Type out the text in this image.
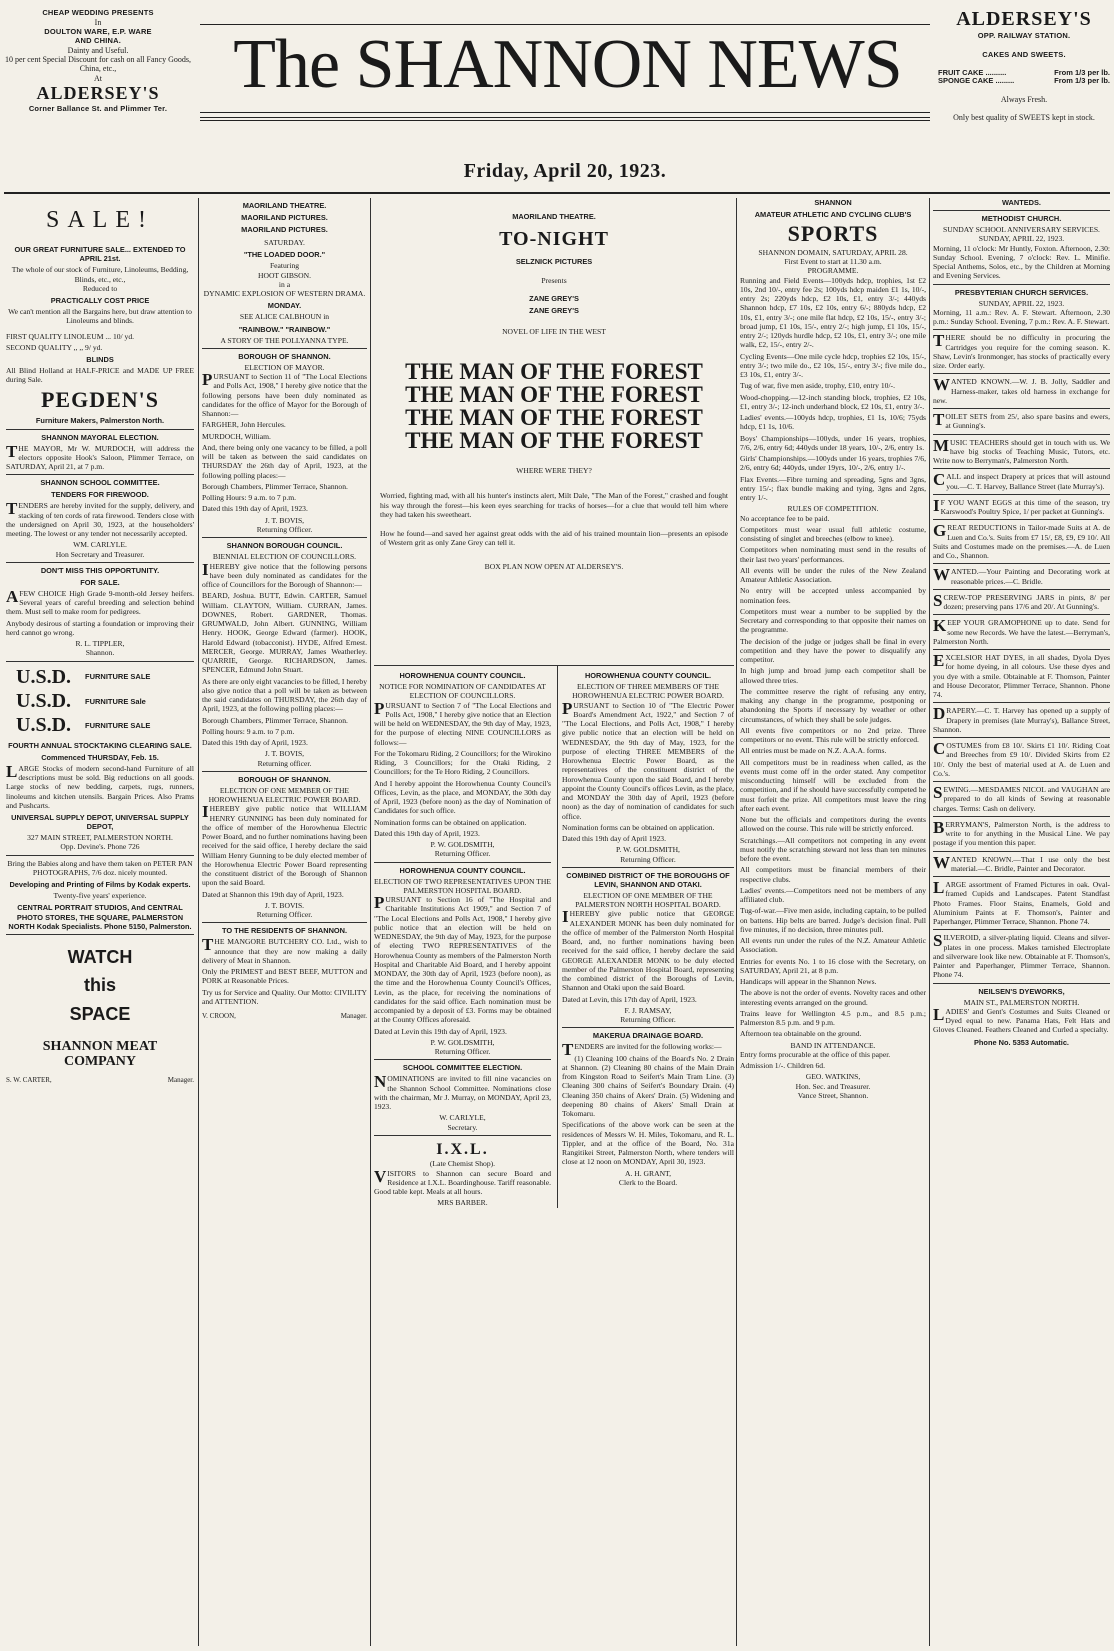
CHEAP WEDDING PRESENTS
In
DOULTON WARE, E.P. WARE
AND CHINA.
Dainty and Useful.
10 per cent Special Discount for cash on all Fancy Goods, China, etc.,
At
ALDERSEY'S
Corner Ballance St. and Plimmer Ter.
The SHANNON NEWS
Friday, April 20, 1923.
ALDERSEY'S
OPP. RAILWAY STATION.

CAKES AND SWEETS.

FRUIT CAKE ..........	From 1/3 per lb.
SPONGE CAKE .........	From 1/3 per lb.

Always Fresh.

Only best quality of SWEETS kept in stock.
SALE!
OUR GREAT FURNITURE SALE... EXTENDED TO APRIL 21st.
The whole of our stock of Furniture, Linoleums, Bedding, Blinds, etc., etc.,
Reduced to
PRACTICALLY COST PRICE
We can't mention all the Bargains here, but draw attention to Linoleums and blinds.
FIRST QUALITY LINOLEUM ... 10/ yd.
SECOND QUALITY ,, ,, 9/ yd.
BLINDS
All Blind Holland at HALF-PRICE and MADE UP FREE during Sale.
PEGDEN'S
Furniture Makers, Palmerston North.
SHANNON MAYORAL ELECTION.
THE MAYOR, Mr W. MURDOCH, will address the electors opposite Hook's Saloon, Plimmer Terrace, on SATURDAY, April 21, at 7 p.m.
SHANNON SCHOOL COMMITTEE.
TENDERS FOR FIREWOOD.
TENDERS are hereby invited for the supply, delivery, and stacking of ten cords of rata firewood. Tenders close with the undersigned on April 30, 1923, at the householders' meeting. The lowest or any tender not necessarily accepted.
WM. CARLYLE.
Hon Secretary and Treasurer.
DON'T MISS THIS OPPORTUNITY.
FOR SALE.
AFEW CHOICE High Grade 9-month-old Jersey heifers. Several years of careful breeding and selection behind them. Must sell to make room for pedigrees.
Anybody desirous of starting a foundation or improving their herd cannot go wrong.
R. L. TIPPLER,
Shannon.
U.S.D. FURNITURE SALE
U.S.D. FURNITURE Sale
U.S.D. FURNITURE SALE
FOURTH ANNUAL STOCKTAKING CLEARING SALE.
Commenced THURSDAY, Feb. 15.
LARGE Stocks of modern second-hand Furniture of all descriptions must be sold. Big reductions on all goods. Large stocks of new bedding, carpets, rugs, runners, linoleums and kitchen utensils. Bargain Prices. Also Prams and Pushcarts.
UNIVERSAL SUPPLY DEPOT, UNIVERSAL SUPPLY DEPOT,
327 MAIN STREET, PALMERSTON NORTH.
Opp. Devine's. Phone 726
Bring the Babies along and have them taken on PETER PAN PHOTOGRAPHS, 7/6 doz. nicely mounted.
Developing and Printing of Films by Kodak experts.
Twenty-five years' experience.
CENTRAL PORTRAIT STUDIOS, And CENTRAL PHOTO STORES, THE SQUARE, PALMERSTON NORTH Kodak Specialists. Phone 5150, Palmerston.
WATCH
this
SPACE
SHANNON MEAT COMPANY
S. W. CARTER,	Manager.
MAORILAND THEATRE.
MAORILAND PICTURES.
MAORILAND PICTURES.
SATURDAY.
"THE LOADED DOOR."
Featuring
HOOT GIBSON.
in a
DYNAMIC EXPLOSION OF WESTERN DRAMA.
MONDAY.
SEE ALICE CALBHOUN in
"RAINBOW." "RAINBOW."
A STORY OF THE POLLYANNA TYPE.
BOROUGH OF SHANNON.
ELECTION OF MAYOR.
PURSUANT to Section 11 of "The Local Elections and Polls Act, 1908," I hereby give notice that the following persons have been duly nominated as candidates for the office of Mayor for the Borough of Shannon:—
FARGHER, John Hercules.
MURDOCH, William.
And, there being only one vacancy to be filled, a poll will be taken as between the said candidates on THURSDAY the 26th day of April, 1923, at the following polling places:—
Borough Chambers, Plimmer Terrace, Shannon.
Polling Hours: 9 a.m. to 7 p.m.
Dated this 19th day of April, 1923.
J. T. BOVIS,
Returning Officer.
SHANNON BOROUGH COUNCIL.
BIENNIAL ELECTION OF COUNCILLORS.
IHEREBY give notice that the following persons have been duly nominated as candidates for the office of Councillors for the Borough of Shannon:—
BEARD, Joshua. BUTT, Edwin. CARTER, Samuel William. CLAYTON, William. CURRAN, James. DOWNES, Robert. GARDNER, Thomas. GRUMWALD, John Albert. GUNNING, William Henry. HOOK, George Edward (farmer). HOOK, Harold Edward (tobacconist). HYDE, Alfred Ernest. MERCER, George. MURRAY, James Weatherley. QUARRIE, George. RICHARDSON, James. SPENCER, Edmund John Stuart.
As there are only eight vacancies to be filled, I hereby also give notice that a poll will be taken as between the said candidates on THURSDAY, the 26th day of April, 1923, at the following polling places:—
Borough Chambers, Plimmer Terrace, Shannon.
Polling hours: 9 a.m. to 7 p.m.
Dated this 19th day of April, 1923.
J. T. BOVIS,
Returning officer.
BOROUGH OF SHANNON.
ELECTION OF ONE MEMBER OF THE HOROWHENUA ELECTRIC POWER BOARD.
IHEREBY give public notice that WILLIAM HENRY GUNNING has been duly nominated for the office of member of the Horowhenua Electric Power Board, and no further nominations having been received for the said office, I hereby declare the said William Henry Gunning to be duly elected member of the Horowhenua Electric Power Board representing the constituent district of the Borough of Shannon upon the said Board.
Dated at Shannon this 19th day of April, 1923.
J. T. BOVIS.
Returning Officer.
TO THE RESIDENTS OF SHANNON.
THE MANGORE BUTCHERY CO. Ltd., wish to announce that they are now making a daily delivery of Meat in Shannon.
Only the PRIMEST and BEST BEEF, MUTTON and PORK at Reasonable Prices.
Try us for Service and Quality. Our Motto: CIVILITY and ATTENTION.
V. CROON,	Manager.
MAORILAND THEATRE.
TO-NIGHT
SELZNICK PICTURES
Presents
ZANE GREY'S
ZANE GREY'S
NOVEL OF LIFE IN THE WEST
THE MAN OF THE FOREST
THE MAN OF THE FOREST
THE MAN OF THE FOREST
THE MAN OF THE FOREST
WHERE WERE THEY?
Worried, fighting mad, with all his hunter's instincts alert, Milt Dale, "The Man of the Forest," crashed and fought his way through the forest—his keen eyes searching for tracks of horses—for a clue that would tell him where they had taken his sweetheart.
How he found—and saved her against great odds with the aid of his trained mountain lion—presents an episode of Western grit as only Zane Grey can tell it.
BOX PLAN NOW OPEN AT ALDERSEY'S.
HOROWHENUA COUNTY COUNCIL.
NOTICE FOR NOMINATION OF CANDIDATES AT ELECTION OF COUNCILLORS.
PURSUANT to Section 7 of "The Local Elections and Polls Act, 1908," I hereby give notice that an Election will be held on WEDNESDAY, the 9th day of May, 1923, for the purpose of electing NINE COUNCILLORS as follows:—
For the Tokomaru Riding, 2 Councillors; for the Wirokino Riding, 3 Councillors; for the Otaki Riding, 2 Councillors; for the Te Horo Riding, 2 Councillors.
And I hereby appoint the Horowhenua County Council's Offices, Levin, as the place, and MONDAY, the 30th day of April, 1923 (before noon) as the day of Nomination of Candidates for such office.
Nomination forms can be obtained on application.
Dated this 19th day of April, 1923.
P. W. GOLDSMITH,
Returning Officer.
HOROWHENUA COUNTY COUNCIL.
ELECTION OF TWO REPRESENTATIVES UPON THE PALMERSTON HOSPITAL BOARD.
PURSUANT to Section 16 of "The Hospital and Charitable Institutions Act 1909," and Section 7 of "The Local Elections and Polls Act, 1908," I hereby give public notice that an election will be held on WEDNESDAY, the 9th day of May, 1923, for the purpose of electing TWO REPRESENTATIVES of the Horowhenua County as members of the Palmerston North Hospital and Charitable Aid Board, and I hereby appoint MONDAY, the 30th day of April, 1923 (before noon), as the time and the Horowhenua County Council's Offices, Levin, as the place, for receiving the nominations of candidates for the said office. Each nomination must be accompanied by a deposit of £3. Forms may be obtained at the County Offices aforesaid.
Dated at Levin this 19th day of April, 1923.
P. W. GOLDSMITH,
Returning Officer.
SCHOOL COMMITTEE ELECTION.
NOMINATIONS are invited to fill nine vacancies on the Shannon School Committee. Nominations close with the chairman, Mr J. Murray, on MONDAY, April 23, 1923.
W. CARLYLE,
Secretary.
I.X.L.
(Late Chemist Shop).
VISITORS to Shannon can secure Board and Residence at I.X.L. Boardinghouse. Tariff reasonable. Good table kept. Meals at all hours.
MRS BARBER.
HOROWHENUA COUNTY COUNCIL.
ELECTION OF THREE MEMBERS OF THE HOROWHENUA ELECTRIC POWER BOARD.
PURSUANT to Section 10 of "The Electric Power Board's Amendment Act, 1922," and Section 7 of "The Local Elections, and Polls Act, 1908," I hereby give public notice that an election will be held on WEDNESDAY, the 9th day of May, 1923, for the purpose of electing THREE MEMBERS of the Horowhenua Electric Power Board, as the representatives of the constituent district of the Horowhenua County upon the said Board, and I hereby appoint the County Council's offices Levin, as the place, and MONDAY the 30th day of April, 1923 (before noon) as the day of nomination of candidates for such office.
Nomination forms can be obtained on application.
Dated this 19th day of April 1923.
P. W. GOLDSMITH,
Returning Officer.
COMBINED DISTRICT OF THE BOROUGHS OF LEVIN, SHANNON AND OTAKI.
ELECTION OF ONE MEMBER OF THE PALMERSTON NORTH HOSPITAL BOARD.
IHEREBY give public notice that GEORGE ALEXANDER MONK has been duly nominated for the office of member of the Palmerston North Hospital Board, and, no further nominations having been received for the said office, I hereby declare the said GEORGE ALEXANDER MONK to be duly elected member of the Palmerston Hospital Board, representing the combined district of the Boroughs of Levin, Shannon and Otaki upon the said Board.
Dated at Levin, this 17th day of April, 1923.
F. J. RAMSAY,
Returning Officer.
MAKERUA DRAINAGE BOARD.
TENDERS are invited for the following works:—
(1) Cleaning 100 chains of the Board's No. 2 Drain at Shannon. (2) Cleaning 80 chains of the Main Drain from Kingston Road to Seifert's Main Tram Line. (3) Cleaning 300 chains of Seifert's Boundary Drain. (4) Cleaning 350 chains of Akers' Drain. (5) Widening and deepening 80 chains of Akers' Small Drain at Tokomaru.
Specifications of the above work can be seen at the residences of Messrs W. H. Miles, Tokomaru, and R. L. Tippler, and at the office of the Board, No. 31a Rangitikei Street, Palmerston North, where tenders will close at 12 noon on MONDAY, April 30, 1923.
A. H. GRANT,
Clerk to the Board.
SHANNON
AMATEUR ATHLETIC AND CYCLING CLUB'S
SPORTS
SHANNON DOMAIN, SATURDAY, APRIL 28.
First Event to start at 11.30 a.m.
PROGRAMME.
Running and Field Events—100yds hdcp, trophies, 1st £2 10s, 2nd 10/-, entry fee 2s; 100yds hdcp maiden £1 1s, 10/-, entry 2s; 220yds hdcp, £2 10s, £1, entry 3/-; 440yds Shannon hdcp, £7 10s, £2 10s, entry 6/-; 880yds hdcp, £2 10s, £1, entry 3/-; one mile flat hdcp, £2 10s, 15/-, entry 3/-; broad jump, £1 10s, 15/-, entry 2/-; high jump, £1 10s, 15/-, entry 2/-; 120yds hurdle hdcp, £2 10s, £1, entry 3/-; one mile walk, £2, 15/-, entry 2/-.
Cycling Events—One mile cycle hdcp, trophies £2 10s, 15/-, entry 3/-; two mile do., £2 10s, 15/-, entry 3/-; five mile do., £3 10s, £1, entry 3/-.
Tug of war, five men aside, trophy, £10, entry 10/-.
Wood-chopping.—12-inch standing block, trophies, £2 10s, £1, entry 3/-; 12-inch underhand block, £2 10s, £1, entry 3/-.
Ladies' events.—100yds hdcp, trophies, £1 1s, 10/6; 75yds hdcp, £1 1s, 10/6.
Boys' Championships—100yds, under 16 years, trophies, 7/6, 2/6, entry 6d; 440yds under 18 years, 10/-, 2/6, entry 1s.
Girls' Championships.—100yds under 16 years, trophies 7/6, 2/6, entry 6d; 440yds, under 19yrs, 10/-, 2/6, entry 1/-.
Flax Events.—Fibre turning and spreading, 5gns and 3gns, entry 15/-; flax bundle making and tying, 3gns and 2gns, entry 1/-.
RULES OF COMPETITION.
No acceptance fee to be paid.
Competitors must wear usual full athletic costume, consisting of singlet and breeches (elbow to knee).
Competitors when nominating must send in the results of their last two years' performances.
All events will be under the rules of the New Zealand Amateur Athletic Association.
No entry will be accepted unless accompanied by nomination fees.
Competitors must wear a number to be supplied by the Secretary and corresponding to that opposite their names on the programme.
The decision of the judge or judges shall be final in every competition and they have the power to disqualify any competitor.
In high jump and broad jump each competitor shall be allowed three tries.
The committee reserve the right of refusing any entry, making any change in the programme, postponing or abandoning the Sports if necessary by weather or other circumstances, of which they shall be sole judges.
All events five competitors or no 2nd prize. Three competitors or no event. This rule will be strictly enforced.
All entries must be made on N.Z. A.A.A. forms.
All competitors must be in readiness when called, as the events must come off in the order stated. Any competitor misconducting himself will be excluded from the competition, and if he should have successfully competed he must forfeit the prize. All competitors must leave the ring after each event.
None but the officials and competitors during the events allowed on the course. This rule will be strictly enforced.
Scratchings.—All competitors not competing in any event must notify the scratching steward not less than ten minutes before the event.
All competitors must be financial members of their respective clubs.
Ladies' events.—Competitors need not be members of any affiliated club.
Tug-of-war.—Five men aside, including captain, to be pulled on battens. Hip belts are barred. Judge's decision final. Pull five minutes, if no decision, three minutes pull.
All events run under the rules of the N.Z. Amateur Athletic Association.
Entries for events No. 1 to 16 close with the Secretary, on SATURDAY, April 21, at 8 p.m.
Handicaps will appear in the Shannon News.
The above is not the order of events. Novelty races and other interesting events arranged on the ground.
Trains leave for Wellington 4.5 p.m., and 8.5 p.m.; Palmerston 8.5 p.m. and 9 p.m.
Afternoon tea obtainable on the ground.
BAND IN ATTENDANCE.
Entry forms procurable at the office of this paper.
Admission 1/-. Children 6d.
GEO. WATKINS,
Hon. Sec. and Treasurer.
Vance Street, Shannon.
WANTEDS.
METHODIST CHURCH.
SUNDAY SCHOOL ANNIVERSARY SERVICES.
SUNDAY, APRIL 22, 1923.
Morning, 11 o'clock: Mr Huntly, Foxton. Afternoon, 2.30: Sunday School. Evening, 7 o'clock: Rev. L. Minifie. Special Anthems, Solos, etc., by the Children at Morning and Evening Services.
PRESBYTERIAN CHURCH SERVICES.
SUNDAY, APRIL 22, 1923.
Morning, 11 a.m.: Rev. A. F. Stewart. Afternoon, 2.30 p.m.: Sunday School. Evening, 7 p.m.: Rev. A. F. Stewart.
THERE should be no difficulty in procuring the Cartridges you require for the coming season. K. Shaw, Levin's Ironmonger, has stocks of practically every size. Order early.
WANTED KNOWN.—W. J. B. Jolly, Saddler and Harness-maker, takes old harness in exchange for new.
TOILET SETS from 25/, also spare basins and ewers, at Gunning's.
MUSIC TEACHERS should get in touch with us. We have big stocks of Teaching Music, Tutors, etc. Write now to Berryman's, Palmerston North.
CALL and inspect Drapery at prices that will astound you.—C. T. Harvey, Ballance Street (late Murray's).
IF YOU WANT EGGS at this time of the season, try Karswood's Poultry Spice, 1/ per packet at Gunning's.
GREAT REDUCTIONS in Tailor-made Suits at A. de Luen and Co.'s. Suits from £7 15/, £8, £9, £9 10/. All Suits and Costumes made on the premises.—A. de Luen and Co., Shannon.
WANTED.—Your Painting and Decorating work at reasonable prices.—C. Bridle.
SCREW-TOP PRESERVING JARS in pints, 8/ per dozen; preserving pans 17/6 and 20/. At Gunning's.
KEEP YOUR GRAMOPHONE up to date. Send for some new Records. We have the latest.—Berryman's, Palmerston North.
EXCELSIOR HAT DYES, in all shades, Dyola Dyes for home dyeing, in all colours. Use these dyes and you dye with a smile. Obtainable at F. Thomson, Painter and House Decorator, Plimmer Terrace, Shannon. Phone 74.
DRAPERY.—C. T. Harvey has opened up a supply of Drapery in premises (late Murray's), Ballance Street, Shannon.
COSTUMES from £8 10/. Skirts £1 10/. Riding Coat and Breeches from £9 10/. Divided Skirts from £2 10/. Only the best of material used at A. de Luen and Co.'s.
SEWING.—MESDAMES NICOL and VAUGHAN are prepared to do all kinds of Sewing at reasonable charges. Terms: Cash on delivery.
BERRYMAN'S, Palmerston North, is the address to write to for anything in the Musical Line. We pay postage if you mention this paper.
WANTED KNOWN.—That I use only the best material.—C. Bridle, Painter and Decorator.
LARGE assortment of Framed Pictures in oak. Oval-framed Cupids and Landscapes. Patent Standfast Photo Frames. Floor Stains, Enamels, Gold and Aluminium Paints at F. Thomson's, Painter and Paperhanger, Plimmer Terrace, Shannon. Phone 74.
SILVEROID, a silver-plating liquid. Cleans and silver-plates in one process. Makes tarnished Electroplate and silverware look like new. Obtainable at F. Thomson's, Painter and Paperhanger, Plimmer Terrace, Shannon. Phone 74.
NEILSEN'S DYEWORKS,
MAIN ST., PALMERSTON NORTH.
LADIES' and Gent's Costumes and Suits Cleaned or Dyed equal to new. Panama Hats, Felt Hats and Gloves Cleaned. Feathers Cleaned and Curled a specialty.
Phone No. 5353 Automatic.
